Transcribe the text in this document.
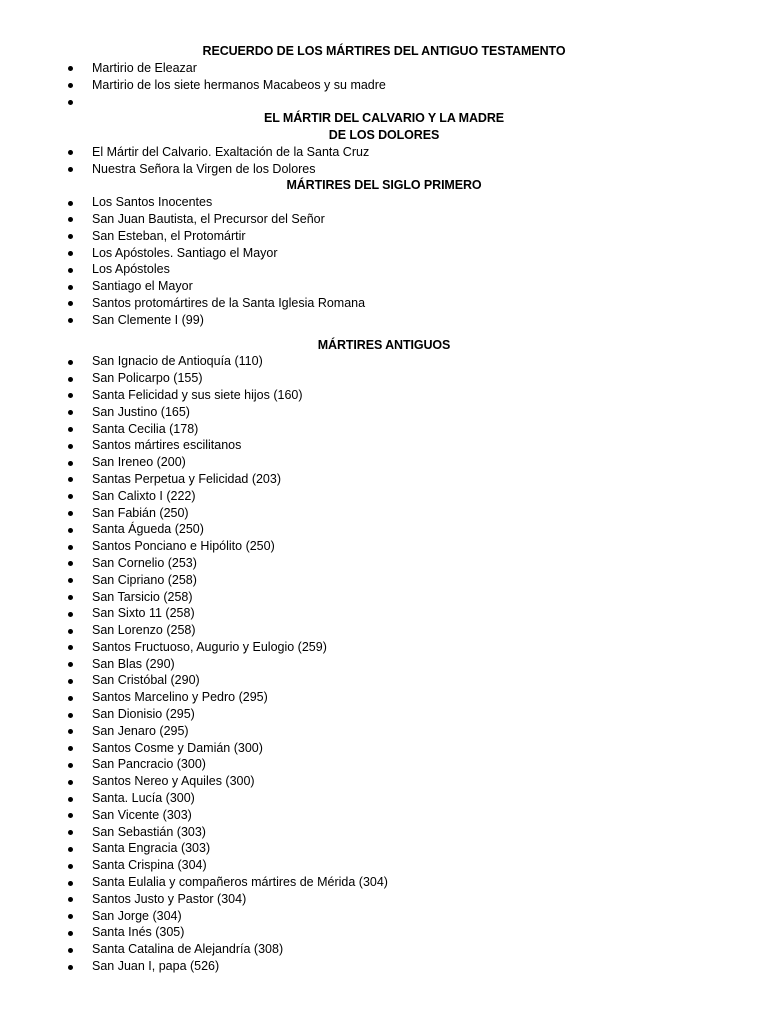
RECUERDO DE LOS MÁRTIRES DEL ANTIGUO TESTAMENTO
Martirio de Eleazar
Martirio de los siete hermanos Macabeos y su madre
EL MÁRTIR DEL CALVARIO Y LA MADRE
DE LOS DOLORES
El Mártir del Calvario. Exaltación de la Santa Cruz
Nuestra Señora la Virgen de los Dolores
MÁRTIRES DEL SIGLO PRIMERO
Los Santos Inocentes
San Juan Bautista, el Precursor del Señor
San Esteban, el Protomártir
Los Apóstoles. Santiago el Mayor
Los Apóstoles
Santiago el Mayor
Santos protomártires de la Santa Iglesia Romana
San Clemente I (99)
MÁRTIRES ANTIGUOS
San Ignacio de Antioquía (110)
San Policarpo (155)
Santa Felicidad y sus siete hijos (160)
San Justino (165)
Santa Cecilia (178)
Santos mártires escilitanos
San Ireneo (200)
Santas Perpetua y Felicidad (203)
San Calixto I (222)
San Fabián (250)
Santa Águeda (250)
Santos Ponciano e Hipólito (250)
San Cornelio (253)
San Cipriano (258)
San Tarsicio (258)
San Sixto 11 (258)
San Lorenzo (258)
Santos Fructuoso, Augurio y Eulogio (259)
San Blas (290)
San Cristóbal (290)
Santos Marcelino y Pedro (295)
San Dionisio (295)
San Jenaro (295)
Santos Cosme y Damián (300)
San Pancracio (300)
Santos Nereo y Aquiles (300)
Santa. Lucía (300)
San Vicente (303)
San Sebastián (303)
Santa Engracia (303)
Santa Crispina (304)
Santa Eulalia y compañeros mártires de Mérida (304)
Santos Justo y Pastor (304)
San Jorge (304)
Santa Inés (305)
Santa Catalina de Alejandría (308)
San Juan I, papa (526)
